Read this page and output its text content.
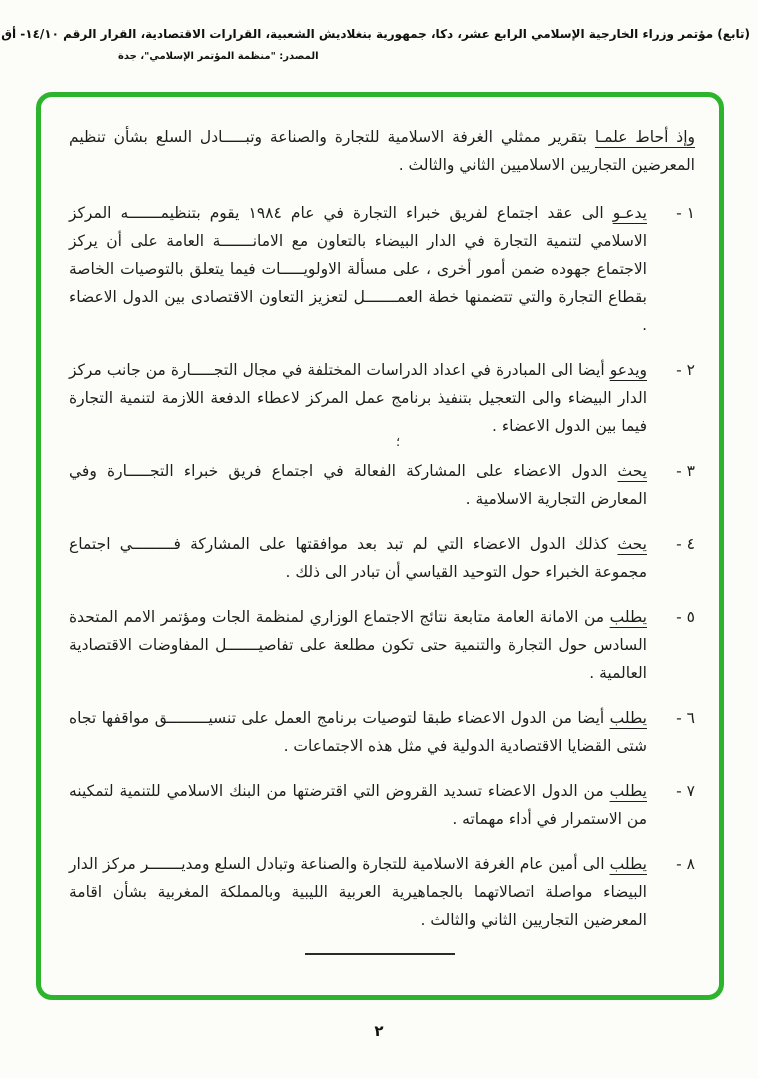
(تابع) مؤتمر وزراء الخارجية الإسلامي الرابع عشر، دكا، جمهورية بنغلاديش الشعبية، القرارات الاقتصادية، القرار الرقم ١٤/١٠- أق
المصدر: "منظمة المؤتمر الإسلامي"، جدة

وإذ أحاط علمـا بتقرير ممثلي الغرفة الاسلامية للتجارة والصناعة وتبـــــادل السلع بشأن تنظيم المعرضين التجاريين الاسلاميين الثاني والثالث .

١ -

يدعـو الى عقد اجتماع لفريق خبراء التجارة في عام ١٩٨٤ يقوم بتنظيمـــــــه المركز الاسلامي لتنمية التجارة في الدار البيضاء بالتعاون مع الامانـــــــة العامة على أن يركز الاجتماع جهوده ضمن أمور أخرى ، على مسألة الاولويـــــات فيما يتعلق بالتوصيات الخاصة بقطاع التجارة والتي تتضمنها خطة العمـــــــل لتعزيز التعاون الاقتصادى بين الدول الاعضاء .

٢ -

ويدعو أيضا الى المبادرة في اعداد الدراسات المختلفة في مجال التجـــــارة من جانب مركز الدار البيضاء والى التعجيل بتنفيذ برنامج عمل المركز لاعطاء الدفعة اللازمة لتنمية التجارة فيما بين الدول الاعضاء .

٣ -

يحث الدول الاعضاء على المشاركة الفعالة في اجتماع فريق خبراء التجـــــارة وفي المعارض التجارية الاسلامية .

٤ -

يحث كذلك الدول الاعضاء التي لم تبد بعد موافقتها على المشاركة فـــــــــي اجتماع مجموعة الخبراء حول التوحيد القياسي أن تبادر الى ذلك .

٥ -

يطلب من الامانة العامة متابعة نتائج الاجتماع الوزاري لمنظمة الجات ومؤتمر الامم المتحدة السادس حول التجارة والتنمية حتى تكون مطلعة على تفاصيـــــــل المفاوضات الاقتصادية العالمية .

٦ -

يطلب أيضا من الدول الاعضاء طبقا لتوصيات برنامج العمل على تنسيـــــــــق مواقفها تجاه شتى القضايا الاقتصادية الدولية في مثل هذه الاجتماعات .

٧ -

يطلب من الدول الاعضاء تسديد القروض التي اقترضتها من البنك الاسلامي للتنمية لتمكينه من الاستمرار في أداء مهماته .

٨ -

يطلب الى أمين عام الغرفة الاسلامية للتجارة والصناعة وتبادل السلع ومديـــــــر مركز الدار البيضاء مواصلة اتصالاتهما بالجماهيرية العربية الليبية وبالمملكة المغربية بشأن اقامة المعرضين التجاريين الثاني والثالث .

؛
٢
